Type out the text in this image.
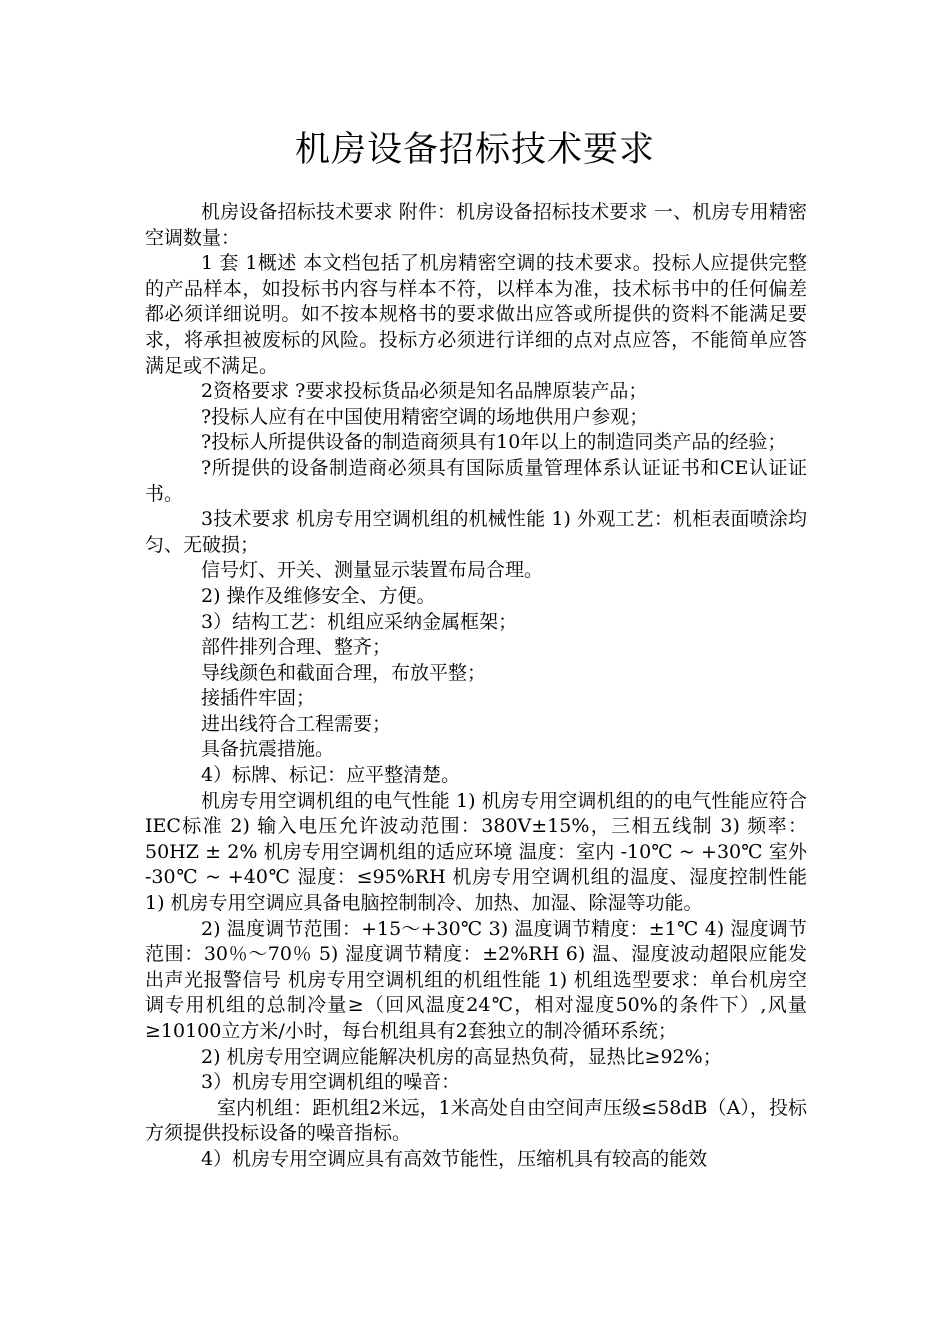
机房设备招标技术要求

机房设备招标技术要求 附件：机房设备招标技术要求 一、机房专用精密空调数量：

1 套 1概述 本文档包括了机房精密空调的技术要求。投标人应提供完整的产品样本，如投标书内容与样本不符，以样本为准，技术标书中的任何偏差都必须详细说明。如不按本规格书的要求做出应答或所提供的资料不能满足要求，将承担被废标的风险。投标方必须进行详细的点对点应答，不能简单应答满足或不满足。

2资格要求 ?要求投标货品必须是知名品牌原装产品；

?投标人应有在中国使用精密空调的场地供用户参观；

?投标人所提供设备的制造商须具有10年以上的制造同类产品的经验；

?所提供的设备制造商必须具有国际质量管理体系认证证书和CE认证证书。

3技术要求 机房专用空调机组的机械性能 1) 外观工艺：机柜表面喷涂均匀、无破损；

信号灯、开关、测量显示装置布局合理。

2) 操作及维修安全、方便。

3）结构工艺：机组应采纳金属框架；

部件排列合理、整齐；

导线颜色和截面合理，布放平整；

接插件牢固；

进出线符合工程需要；

具备抗震措施。

4）标牌、标记：应平整清楚。

机房专用空调机组的电气性能 1) 机房专用空调机组的的电气性能应符合IEC标准 2) 输入电压允许波动范围：380V±15%，三相五线制 3) 频率：50HZ ± 2% 机房专用空调机组的适应环境 温度：室内 -10℃ ~ +30℃ 室外 -30℃ ~ +40℃ 湿度：≤95%RH 机房专用空调机组的温度、湿度控制性能 1) 机房专用空调应具备电脑控制制冷、加热、加湿、除湿等功能。

2) 温度调节范围：+15～+30℃ 3) 温度调节精度：±1℃ 4) 湿度调节范围：30％～70％ 5) 湿度调节精度：±2%RH 6) 温、湿度波动超限应能发出声光报警信号 机房专用空调机组的机组性能 1) 机组选型要求：单台机房空调专用机组的总制冷量≥（回风温度24℃，相对湿度50%的条件下）,风量≥10100立方米/小时，每台机组具有2套独立的制冷循环系统；

2) 机房专用空调应能解决机房的高显热负荷，显热比≥92%；

3）机房专用空调机组的噪音：

室内机组：距机组2米远，1米高处自由空间声压级≤58dB（A），投标方须提供投标设备的噪音指标。

4）机房专用空调应具有高效节能性，压缩机具有较高的能效
